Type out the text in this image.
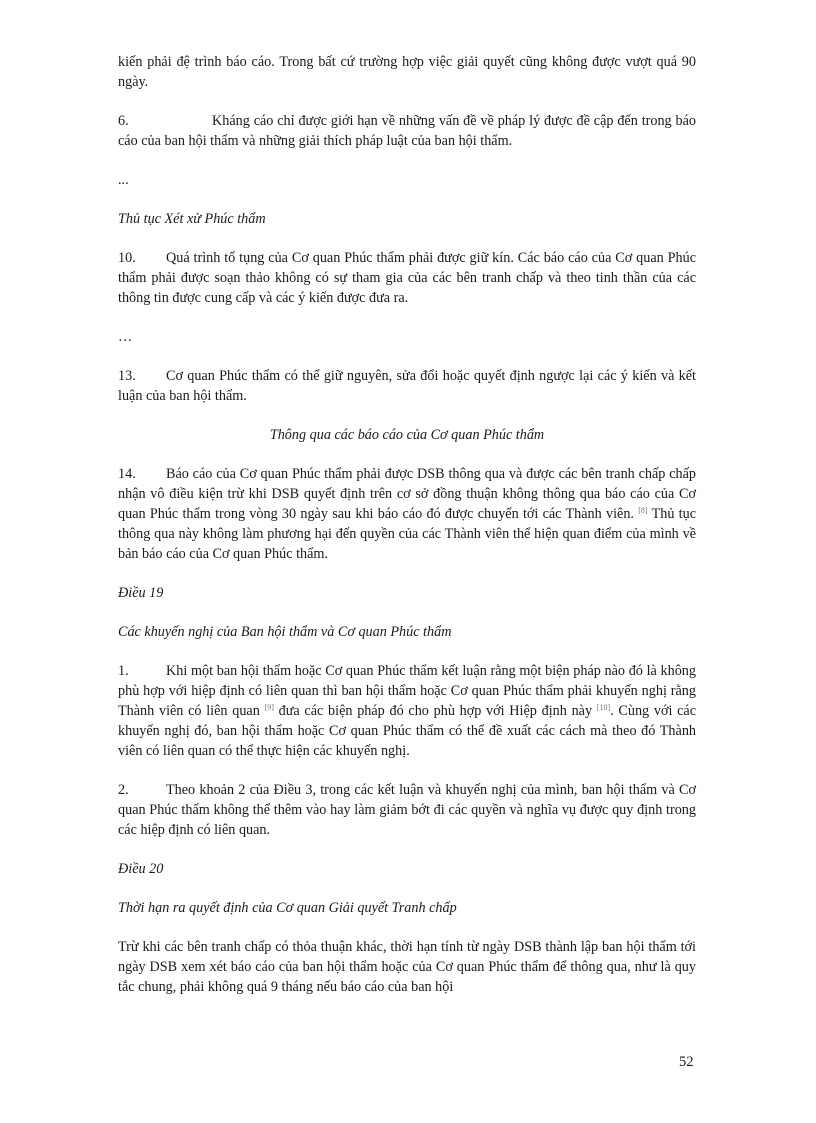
kiến phải đệ trình báo cáo. Trong bất cứ trường hợp việc giải quyết cũng không được vượt quá 90 ngày.

6.	Kháng cáo chỉ được giới hạn về những vấn đề về pháp lý được đề cập đến trong báo cáo của ban hội thẩm và những giải thích pháp luật của ban hội thẩm.

...

Thủ tục Xét xử Phúc thẩm

10. Quá trình tố tụng của Cơ quan Phúc thẩm phải được giữ kín. Các báo cáo của Cơ quan Phúc thẩm phải được soạn thảo không có sự tham gia của các bên tranh chấp và theo tinh thần của các thông tin được cung cấp và các ý kiến được đưa ra.

…

13. Cơ quan Phúc thẩm có thể giữ nguyên, sửa đổi hoặc quyết định ngược lại các ý kiến và kết luận của ban hội thẩm.

Thông qua các báo cáo của Cơ quan Phúc thẩm

14. Báo cáo của Cơ quan Phúc thẩm phải được DSB thông qua và được các bên tranh chấp chấp nhận vô điều kiện trừ khi DSB quyết định trên cơ sở đồng thuận không thông qua báo cáo của Cơ quan Phúc thẩm trong vòng 30 ngày sau khi báo cáo đó được chuyển tới các Thành viên. [8] Thủ tục thông qua này không làm phương hại đến quyền của các Thành viên thể hiện quan điểm của mình về bản báo cáo của Cơ quan Phúc thẩm.

Điều 19

Các khuyến nghị của Ban hội thẩm và Cơ quan Phúc thẩm

1.	Khi một ban hội thẩm hoặc Cơ quan Phúc thẩm kết luận rằng một biện pháp nào đó là không phù hợp với hiệp định có liên quan thì ban hội thẩm hoặc Cơ quan Phúc thẩm phải khuyến nghị rằng Thành viên có liên quan [9] đưa các biện pháp đó cho phù hợp với Hiệp định này [10]. Cùng với các khuyến nghị đó, ban hội thẩm hoặc Cơ quan Phúc thẩm có thể đề xuất các cách mà theo đó Thành viên có liên quan có thể thực hiện các khuyến nghị.

2.	Theo khoản 2 của Điều 3, trong các kết luận và khuyến nghị của mình, ban hội thẩm và Cơ quan Phúc thẩm không thể thêm vào hay làm giảm bớt đi các quyền và nghĩa vụ được quy định trong các hiệp định có liên quan.

Điều 20

Thời hạn ra quyết định của Cơ quan Giải quyết Tranh chấp

Trừ khi các bên tranh chấp có thỏa thuận khác, thời hạn tính từ ngày DSB thành lập ban hội thẩm tới ngày DSB xem xét báo cáo của ban hội thẩm hoặc của Cơ quan Phúc thẩm để thông qua, như là quy tắc chung, phải không quá 9 tháng nếu báo cáo của ban hội

52
